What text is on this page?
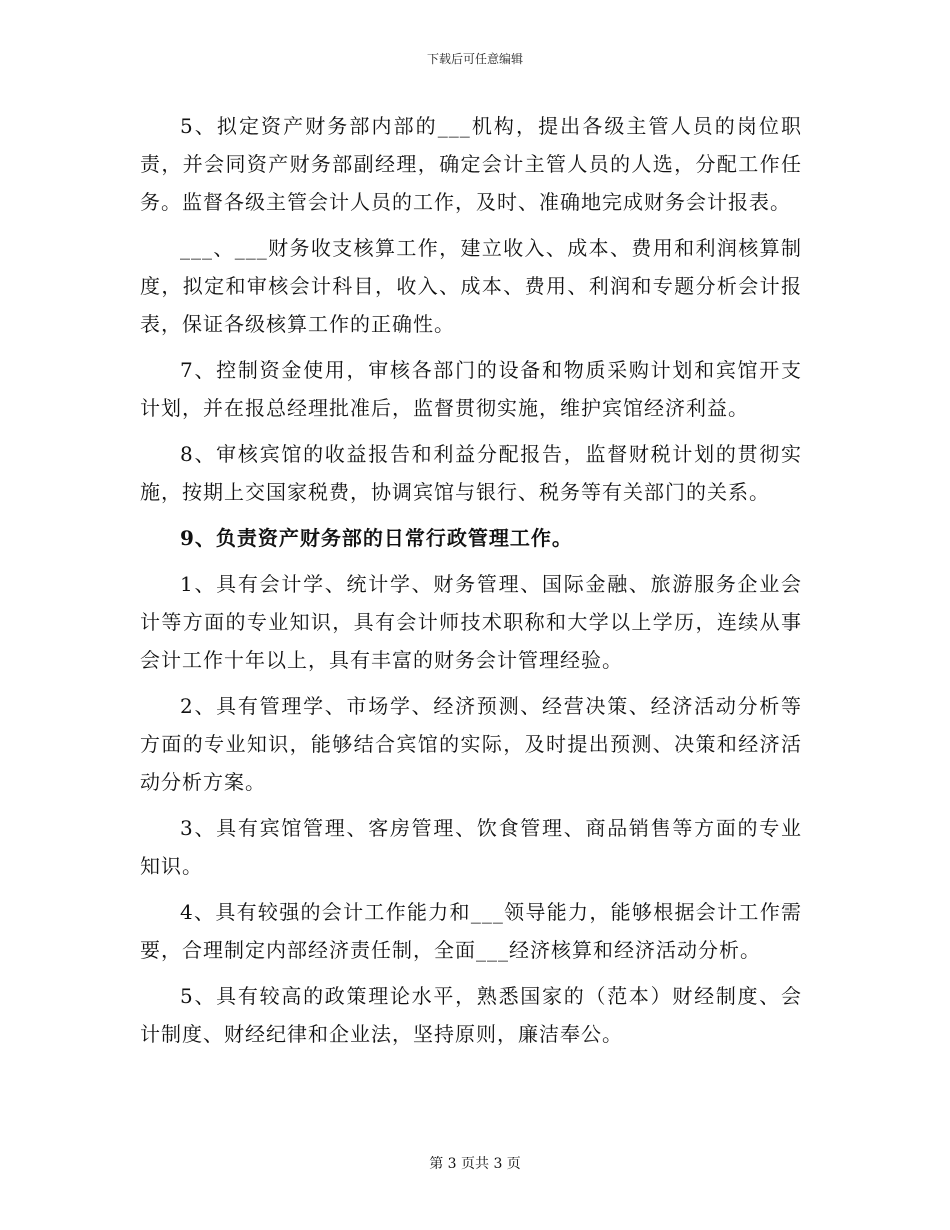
下载后可任意编辑

5、拟定资产财务部内部的___机构，提出各级主管人员的岗位职责，并会同资产财务部副经理，确定会计主管人员的人选，分配工作任务。监督各级主管会计人员的工作，及时、准确地完成财务会计报表。

___、___财务收支核算工作，建立收入、成本、费用和利润核算制度，拟定和审核会计科目，收入、成本、费用、利润和专题分析会计报表，保证各级核算工作的正确性。

7、控制资金使用，审核各部门的设备和物质采购计划和宾馆开支计划，并在报总经理批准后，监督贯彻实施，维护宾馆经济利益。

8、审核宾馆的收益报告和利益分配报告，监督财税计划的贯彻实施，按期上交国家税费，协调宾馆与银行、税务等有关部门的关系。

9、负责资产财务部的日常行政管理工作。

1、具有会计学、统计学、财务管理、国际金融、旅游服务企业会计等方面的专业知识，具有会计师技术职称和大学以上学历，连续从事会计工作十年以上，具有丰富的财务会计管理经验。

2、具有管理学、市场学、经济预测、经营决策、经济活动分析等方面的专业知识，能够结合宾馆的实际，及时提出预测、决策和经济活动分析方案。

3、具有宾馆管理、客房管理、饮食管理、商品销售等方面的专业知识。

4、具有较强的会计工作能力和___领导能力，能够根据会计工作需要，合理制定内部经济责任制，全面___经济核算和经济活动分析。

5、具有较高的政策理论水平，熟悉国家的（范本）财经制度、会计制度、财经纪律和企业法，坚持原则，廉洁奉公。

第 3 页共 3 页
